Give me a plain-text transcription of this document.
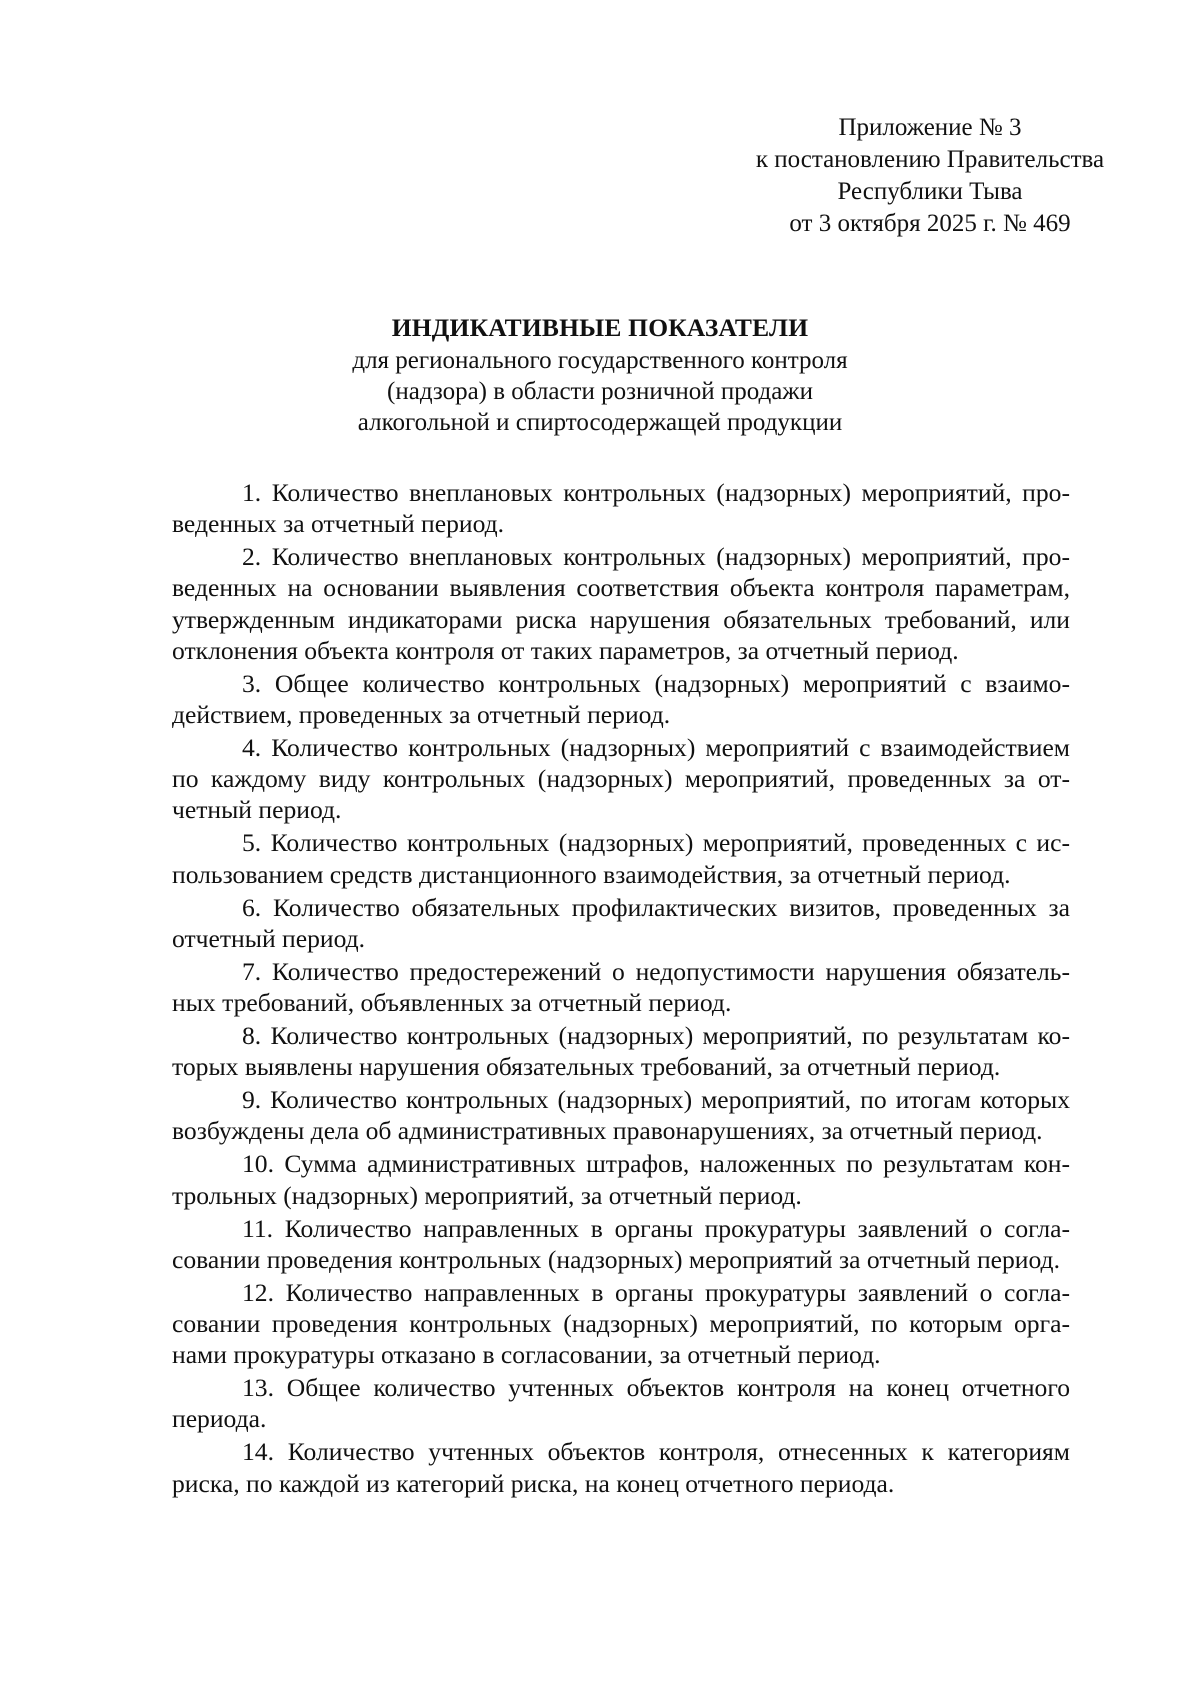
Приложение № 3
к постановлению Правительства
Республики Тыва
от 3 октября 2025 г. № 469
ИНДИКАТИВНЫЕ ПОКАЗАТЕЛИ
для регионального государственного контроля
(надзора) в области розничной продажи
алкогольной и спиртосодержащей продукции
1. Количество внеплановых контрольных (надзорных) мероприятий, проведенных за отчетный период.
2. Количество внеплановых контрольных (надзорных) мероприятий, проведенных на основании выявления соответствия объекта контроля параметрам, утвержденным индикаторами риска нарушения обязательных требований, или отклонения объекта контроля от таких параметров, за отчетный период.
3. Общее количество контрольных (надзорных) мероприятий с взаимодействием, проведенных за отчетный период.
4. Количество контрольных (надзорных) мероприятий с взаимодействием по каждому виду контрольных (надзорных) мероприятий, проведенных за отчетный период.
5. Количество контрольных (надзорных) мероприятий, проведенных с использованием средств дистанционного взаимодействия, за отчетный период.
6. Количество обязательных профилактических визитов, проведенных за отчетный период.
7. Количество предостережений о недопустимости нарушения обязательных требований, объявленных за отчетный период.
8. Количество контрольных (надзорных) мероприятий, по результатам которых выявлены нарушения обязательных требований, за отчетный период.
9. Количество контрольных (надзорных) мероприятий, по итогам которых возбуждены дела об административных правонарушениях, за отчетный период.
10. Сумма административных штрафов, наложенных по результатам контрольных (надзорных) мероприятий, за отчетный период.
11. Количество направленных в органы прокуратуры заявлений о согласовании проведения контрольных (надзорных) мероприятий за отчетный период.
12. Количество направленных в органы прокуратуры заявлений о согласовании проведения контрольных (надзорных) мероприятий, по которым органами прокуратуры отказано в согласовании, за отчетный период.
13. Общее количество учтенных объектов контроля на конец отчетного периода.
14. Количество учтенных объектов контроля, отнесенных к категориям риска, по каждой из категорий риска, на конец отчетного периода.
